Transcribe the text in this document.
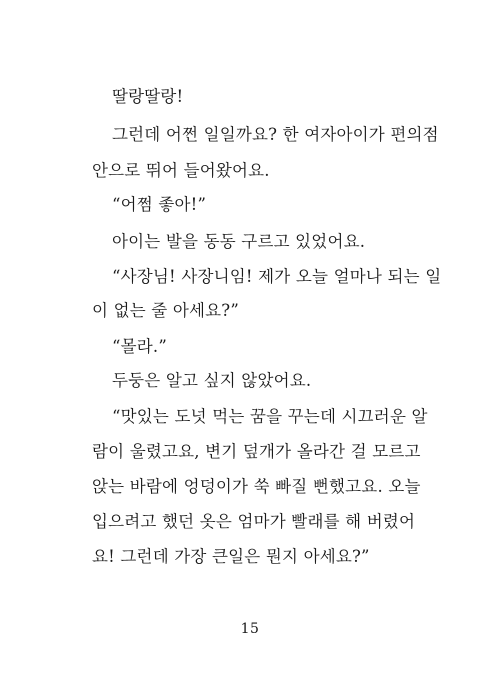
딸랑딸랑!
그런데 어쩐 일일까요? 한 여자아이가 편의점
안으로 뛰어 들어왔어요.
“어쩜 좋아!”
아이는 발을 동동 구르고 있었어요.
“사장님! 사장니임! 제가 오늘 얼마나 되는 일
이 없는 줄 아세요?”
“몰라.”
두둥은 알고 싶지 않았어요.
“맛있는 도넛 먹는 꿈을 꾸는데 시끄러운 알
람이 울렸고요, 변기 덮개가 올라간 걸 모르고
앉는 바람에 엉덩이가 쑥 빠질 뻔했고요. 오늘
입으려고 했던 옷은 엄마가 빨래를 해 버렸어
요! 그런데 가장 큰일은 뭔지 아세요?”
15
